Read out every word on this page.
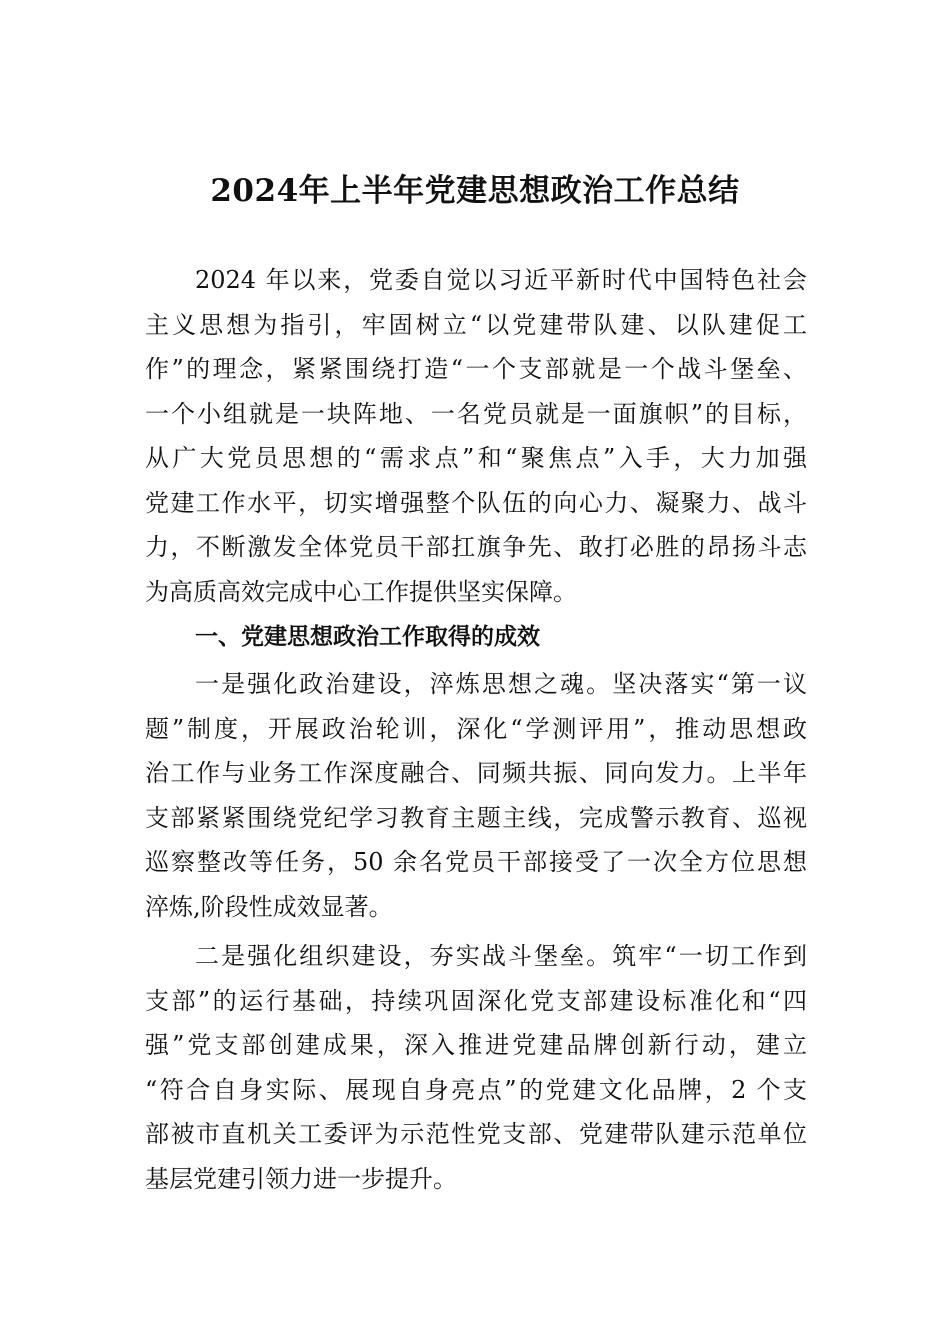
2024年上半年党建思想政治工作总结
2024 年以来，党委自觉以习近平新时代中国特色社会
主义思想为指引，牢固树立“以党建带队建、以队建促工
作”的理念，紧紧围绕打造“一个支部就是一个战斗堡垒、
一个小组就是一块阵地、一名党员就是一面旗帜”的目标，
从广大党员思想的“需求点”和“聚焦点”入手，大力加强
党建工作水平，切实增强整个队伍的向心力、凝聚力、战斗
力，不断激发全体党员干部扛旗争先、敢打必胜的昂扬斗志
为高质高效完成中心工作提供坚实保障。
一、党建思想政治工作取得的成效
一是强化政治建设，淬炼思想之魂。坚决落实“第一议
题”制度，开展政治轮训，深化“学测评用”，推动思想政
治工作与业务工作深度融合、同频共振、同向发力。上半年
支部紧紧围绕党纪学习教育主题主线，完成警示教育、巡视
巡察整改等任务，50 余名党员干部接受了一次全方位思想
淬炼,阶段性成效显著。
二是强化组织建设，夯实战斗堡垒。筑牢“一切工作到
支部”的运行基础，持续巩固深化党支部建设标准化和“四
强”党支部创建成果，深入推进党建品牌创新行动，建立
“符合自身实际、展现自身亮点”的党建文化品牌，2 个支
部被市直机关工委评为示范性党支部、党建带队建示范单位
基层党建引领力进一步提升。
